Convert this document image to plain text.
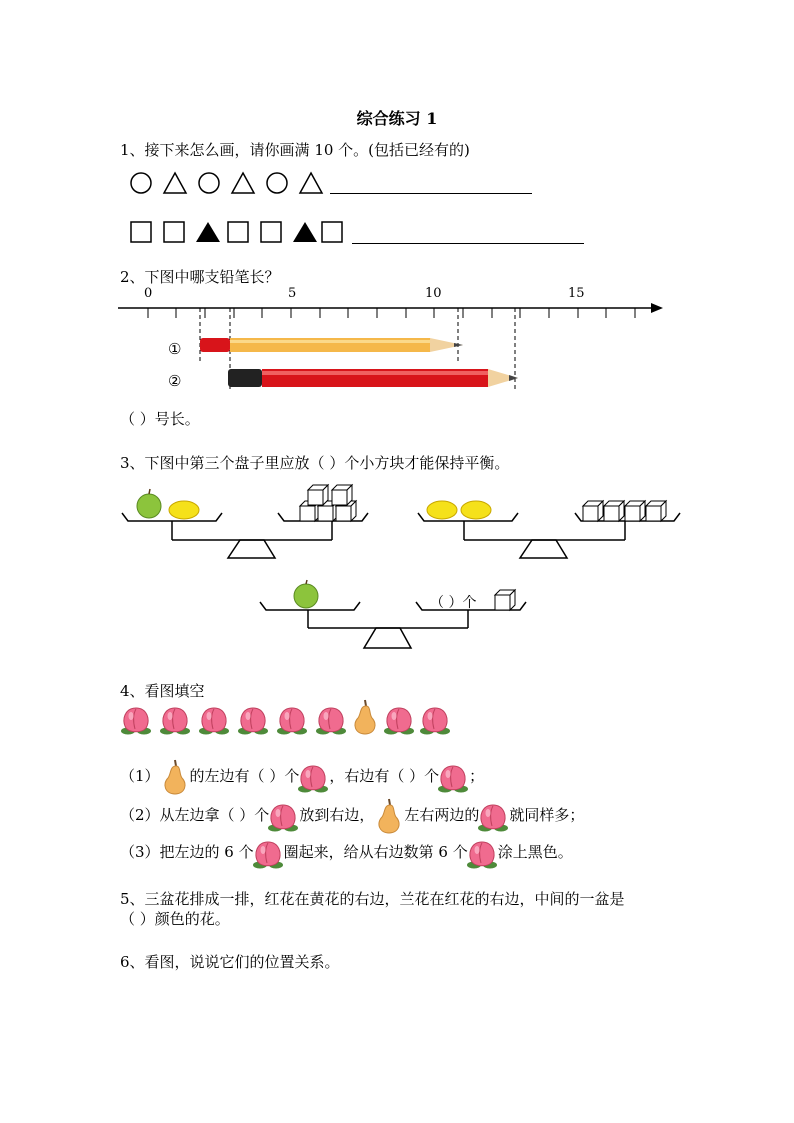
综合练习 1
1、接下来怎么画，请你画满 10 个。(包括已经有的)
2、下图中哪支铅笔长？
0	5	10	15
①
②
（ ）号长。
3、下图中第三个盘子里应放（ ）个小方块才能保持平衡。
（ ）个
4、看图填空
（1） 的左边有（ ）个 ，右边有（ ）个 ；
（2）从左边拿（ ）个 放到右边， 左右两边的 就同样多；
（3）把左边的 6 个 圈起来，给从右边数第 6 个 涂上黑色。
5、三盆花排成一排，红花在黄花的右边，兰花在红花的右边，中间的一盆是
（ ）颜色的花。
6、看图，说说它们的位置关系。
